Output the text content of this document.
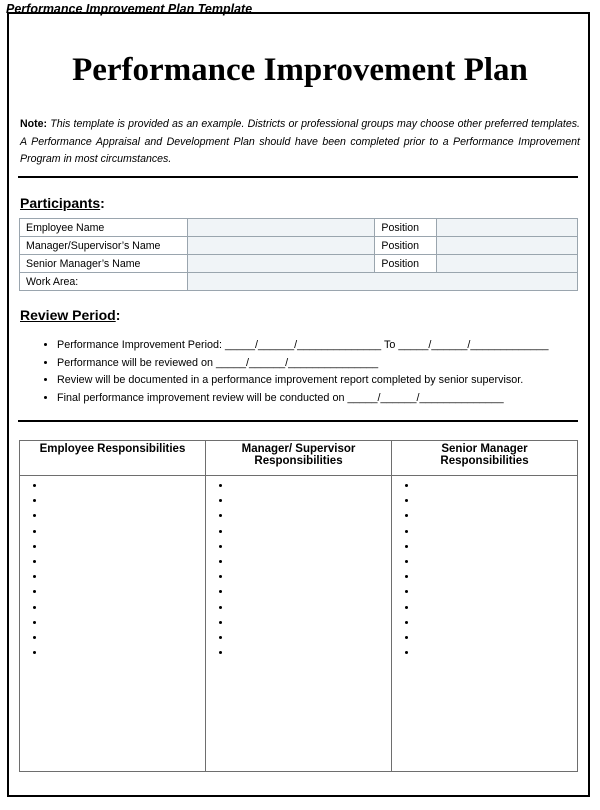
Performance Improvement Plan Template
Performance Improvement Plan
Note: This template is provided as an example. Districts or professional groups may choose other preferred templates. A Performance Appraisal and Development Plan should have been completed prior to a Performance Improvement Program in most circumstances.
Participants:
Employee Name		Position	
Manager/Supervisor’s Name		Position	
Senior Manager’s Name		Position	
Work Area:			
Review Period:
• Performance Improvement Period: _____/______/______________ To _____/______/_____________
• Performance will be reviewed on _____/______/_______________
• Review will be documented in a performance improvement report completed by senior supervisor.
• Final performance improvement review will be conducted on _____/______/______________
Employee Responsibilities	Manager/ Supervisor Responsibilities	Senior Manager Responsibilities

•
•
•
•
•
•
•
•
•
•
•
•

•
•
•
•
•
•
•
•
•
•
•
•

•
•
•
•
•
•
•
•
•
•
•
•
